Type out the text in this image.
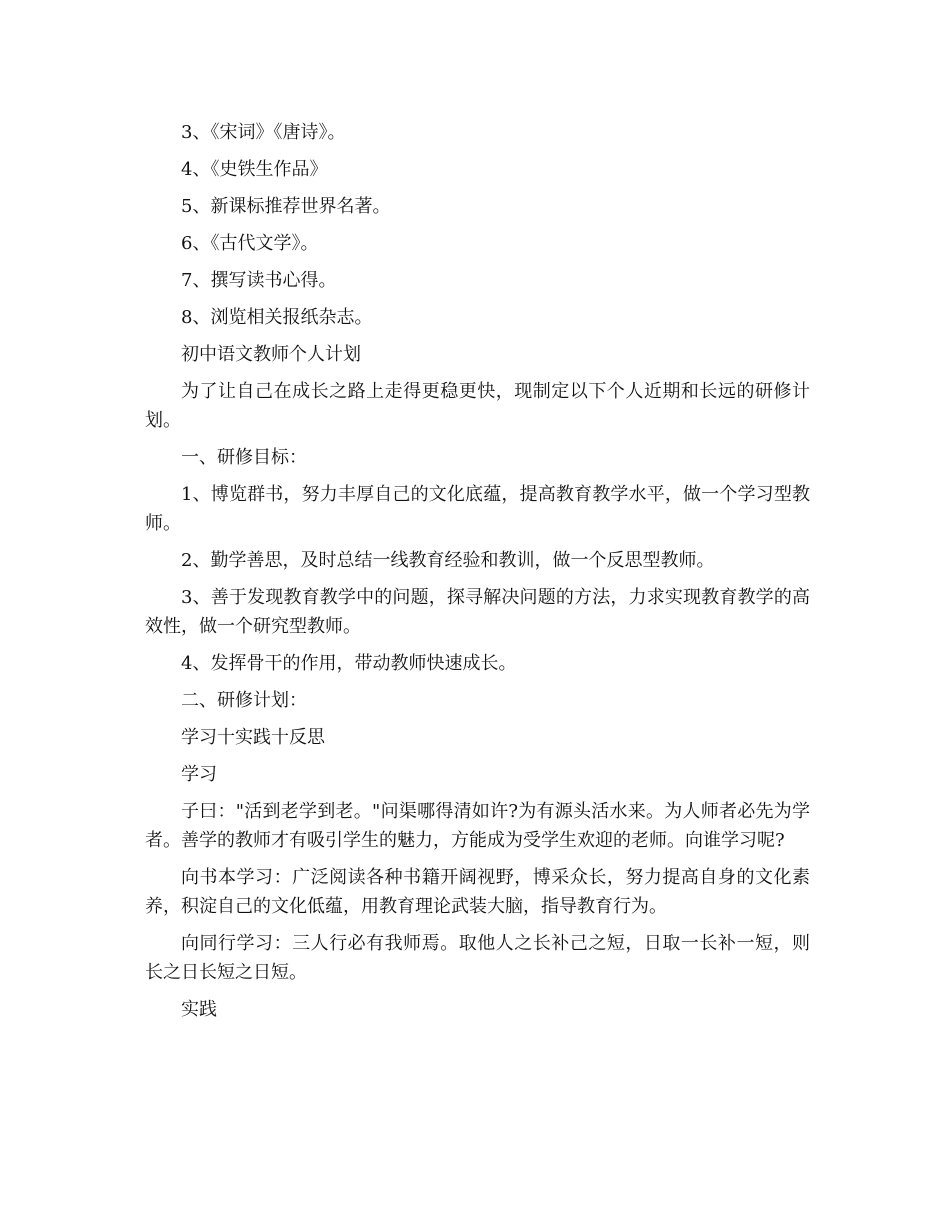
3、《宋词》《唐诗》。

4、《史铁生作品》

5、新课标推荐世界名著。

6、《古代文学》。

7、撰写读书心得。

8、浏览相关报纸杂志。

初中语文教师个人计划

为了让自己在成长之路上走得更稳更快，现制定以下个人近期和长远的研修计划。

一、研修目标：

1、博览群书，努力丰厚自己的文化底蕴，提高教育教学水平，做一个学习型教师。

2、勤学善思，及时总结一线教育经验和教训，做一个反思型教师。

3、善于发现教育教学中的问题，探寻解决问题的方法，力求实现教育教学的高效性，做一个研究型教师。

4、发挥骨干的作用，带动教师快速成长。

二、研修计划：

学习十实践十反思

学习

子曰："活到老学到老。"问渠哪得清如许?为有源头活水来。为人师者必先为学者。善学的教师才有吸引学生的魅力，方能成为受学生欢迎的老师。向谁学习呢?

向书本学习：广泛阅读各种书籍开阔视野，博采众长，努力提高自身的文化素养，积淀自己的文化低蕴，用教育理论武装大脑，指导教育行为。

向同行学习：三人行必有我师焉。取他人之长补己之短，日取一长补一短，则长之日长短之日短。

实践
